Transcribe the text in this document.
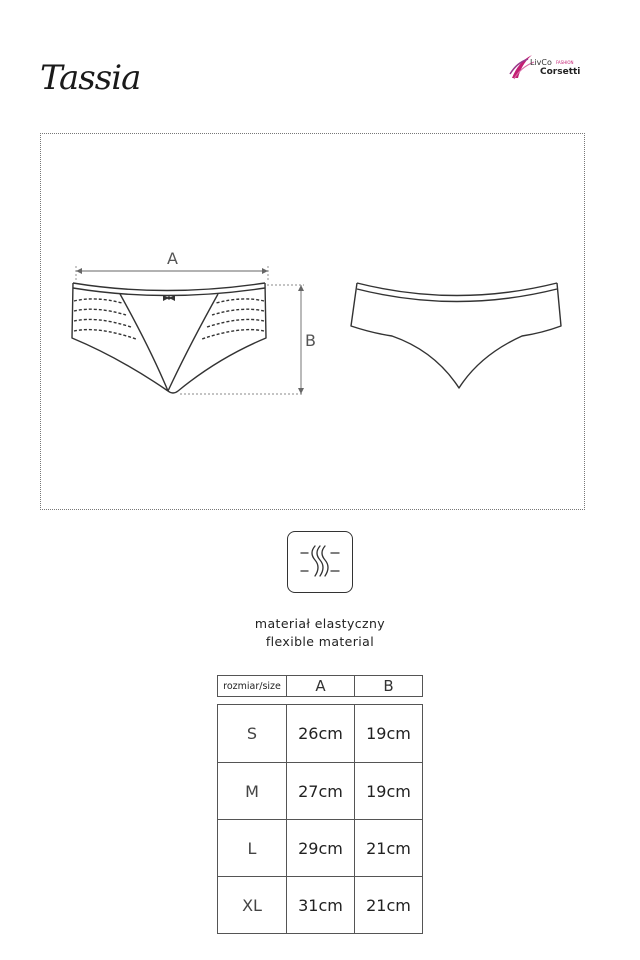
Tassia	LivCo FASHION
Corsetti
A
B
materiał elastyczny
flexible material
rozmiar/size	A	B
S	26cm	19cm
M	27cm	19cm
L	29cm	21cm
XL	31cm	21cm
